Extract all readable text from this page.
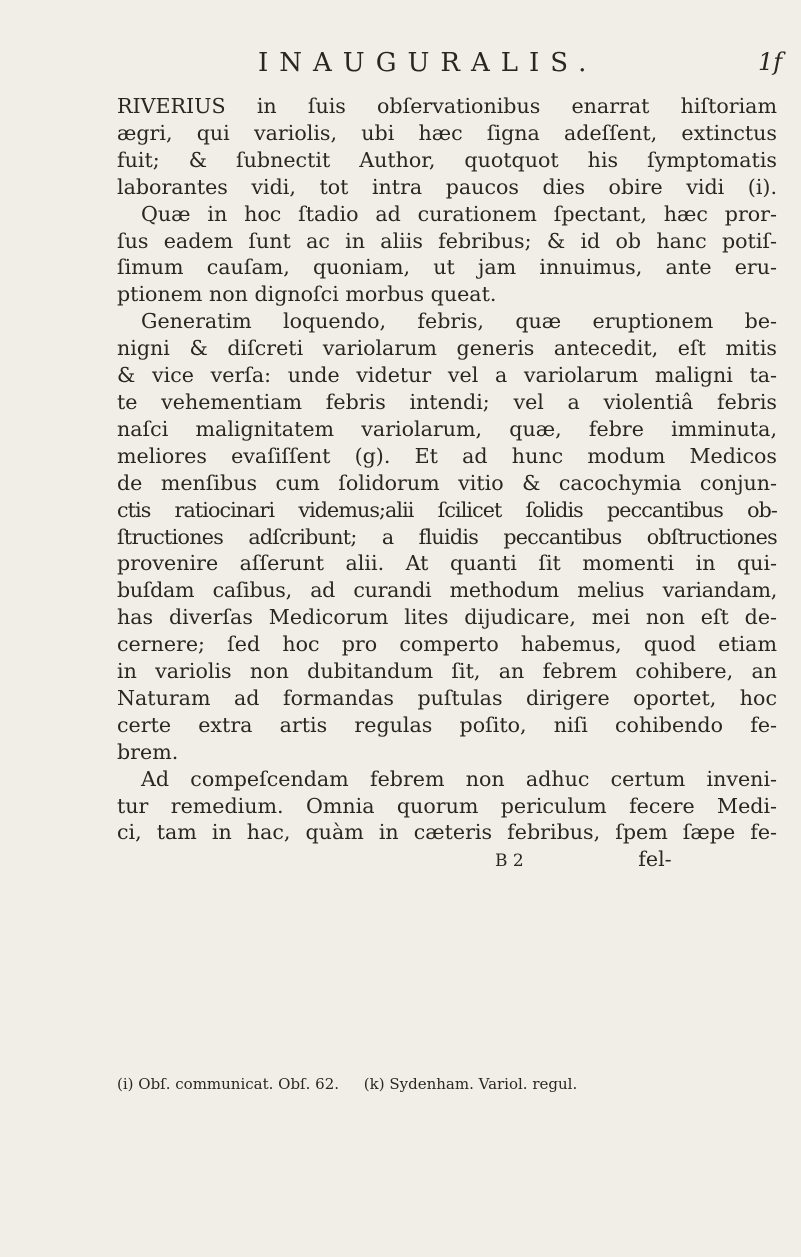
INAUGURALIS.	1f
RIVERIUS in ſuis obſervationibus enarrat hiſtoriam
ægri, qui variolis, ubi hæc ſigna adeſſent, extinctus
fuit; & ſubnectit Author, quotquot his ſymptomatis
laborantes vidi, tot intra paucos dies obire vidi (i).
Quæ in hoc ſtadio ad curationem ſpectant, hæc pror-
ſus eadem ſunt ac in aliis febribus; & id ob hanc potiſ-
ſimum cauſam, quoniam, ut jam innuimus, ante eru-
ptionem non dignoſci morbus queat.
Generatim loquendo, febris, quæ eruptionem be-
nigni & diſcreti variolarum generis antecedit, eſt mitis
& vice verſa: unde videtur vel a variolarum maligni ta-
te vehementiam febris intendi; vel a violentiâ febris
naſci malignitatem variolarum, quæ, febre imminuta,
meliores evaſiſſent (g). Et ad hunc modum Medicos
de menſibus cum ſolidorum vitio & cacochymia conjun-
ctis ratiocinari videmus;alii ſcilicet ſolidis peccantibus ob-
ſtructiones adſcribunt; a fluidis peccantibus obſtructiones
provenire aſſerunt alii. At quanti ſit momenti in qui-
buſdam caſibus, ad curandi methodum melius variandam,
has diverſas Medicorum lites dijudicare, mei non eſt de-
cernere; ſed hoc pro comperto habemus, quod etiam
in variolis non dubitandum ſit, an febrem cohibere, an
Naturam ad formandas puſtulas dirigere oportet, hoc
certe extra artis regulas poſito, niſi cohibendo fe-
brem.
Ad compeſcendam febrem non adhuc certum inveni-
tur remedium. Omnia quorum periculum fecere Medi-
ci, tam in hac, quàm in cæteris febribus, ſpem ſæpe fe-
B 2	fel-
(i) Obſ. communicat. Obſ. 62. (k) Sydenham. Variol. regul.
